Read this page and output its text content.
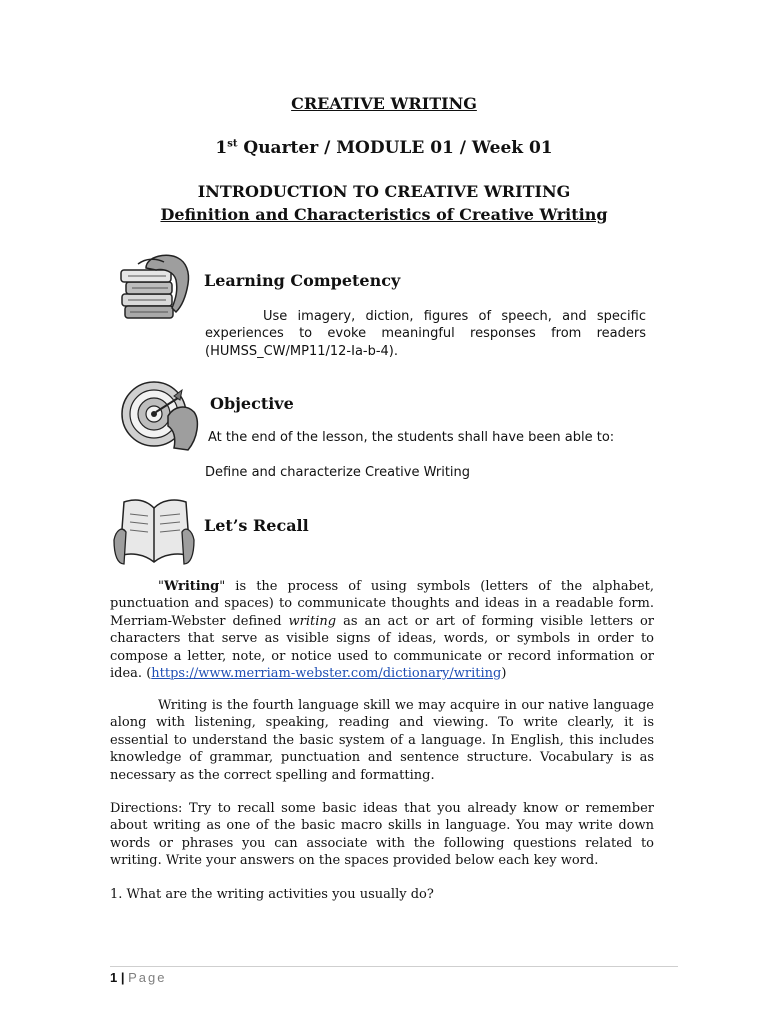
CREATIVE WRITING
1st Quarter / MODULE 01 / Week 01
INTRODUCTION TO CREATIVE WRITING
Definition and Characteristics of Creative Writing
Learning Competency
Use imagery, diction, figures of speech, and specific experiences to evoke meaningful responses from readers (HUMSS_CW/MP11/12-Ia-b-4).
Objective
At the end of the lesson, the students shall have been able to:
Define and characterize Creative Writing
Let’s Recall
"Writing" is the process of using symbols (letters of the alphabet, punctuation and spaces) to communicate thoughts and ideas in a readable form. Merriam-Webster defined writing as an act or art of forming visible letters or characters that serve as visible signs of ideas, words, or symbols in order to compose a letter, note, or notice used to communicate or record information or idea. (https://www.merriam-webster.com/dictionary/writing)
Writing is the fourth language skill we may acquire in our native language along with listening, speaking, reading and viewing. To write clearly, it is essential to understand the basic system of a language. In English, this includes knowledge of grammar, punctuation and sentence structure. Vocabulary is as necessary as the correct spelling and formatting.
Directions: Try to recall some basic ideas that you already know or remember about writing as one of the basic macro skills in language. You may write down words or phrases you can associate with the following questions related to writing. Write your answers on the spaces provided below each key word.
1. What are the writing activities you usually do?
1 | Page
